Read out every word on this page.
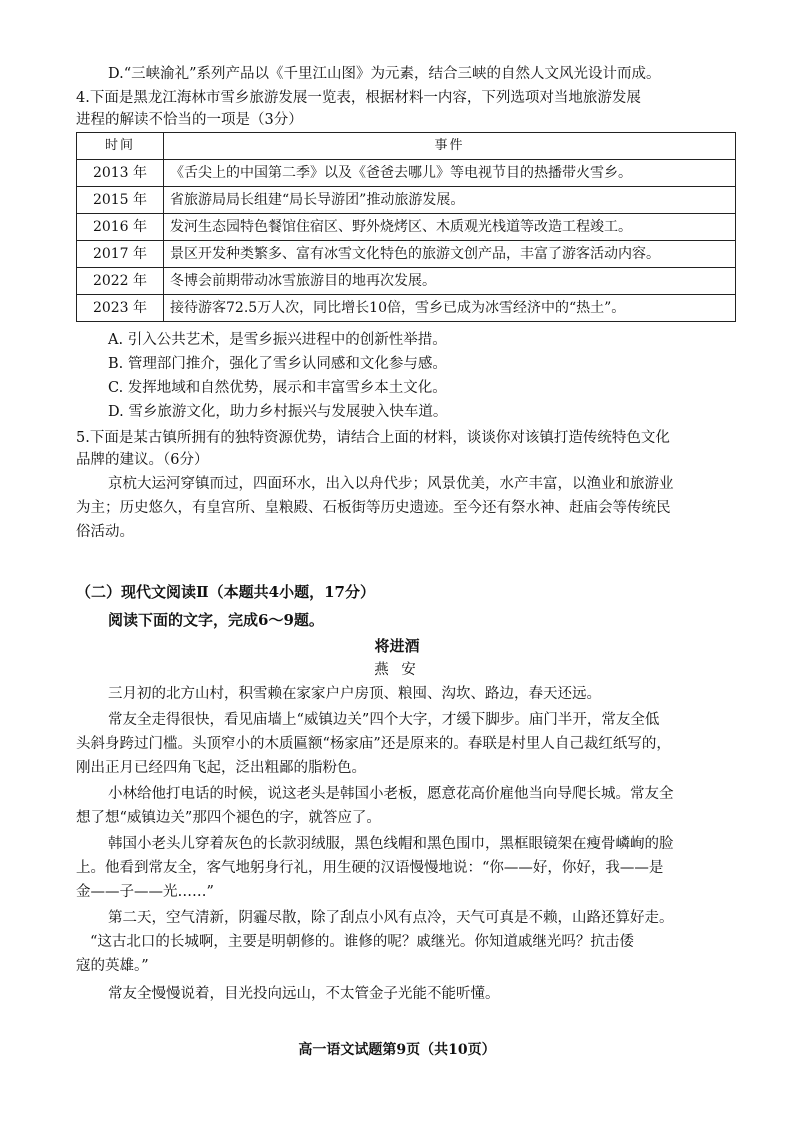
D.“三峡渝礼”系列产品以《千里江山图》为元素，结合三峡的自然人文风光设计而成。
4.下面是黑龙江海林市雪乡旅游发展一览表，根据材料一内容，下列选项对当地旅游发展
进程的解读不恰当的一项是（3分）
时间	事件
2013 年	《舌尖上的中国第二季》以及《爸爸去哪儿》等电视节目的热播带火雪乡。
2015 年	省旅游局局长组建“局长导游团”推动旅游发展。
2016 年	发河生态园特色餐馆住宿区、野外烧烤区、木质观光栈道等改造工程竣工。
2017 年	景区开发种类繁多、富有冰雪文化特色的旅游文创产品，丰富了游客活动内容。
2022 年	冬博会前期带动冰雪旅游目的地再次发展。
2023 年	接待游客72.5万人次，同比增长10倍，雪乡已成为冰雪经济中的“热土”。
A. 引入公共艺术，是雪乡振兴进程中的创新性举措。
B. 管理部门推介，强化了雪乡认同感和文化参与感。
C. 发挥地域和自然优势，展示和丰富雪乡本土文化。
D. 雪乡旅游文化，助力乡村振兴与发展驶入快车道。
5.下面是某古镇所拥有的独特资源优势，请结合上面的材料，谈谈你对该镇打造传统特色文化
品牌的建议。（6分）
京杭大运河穿镇而过，四面环水，出入以舟代步；风景优美，水产丰富，以渔业和旅游业
为主；历史悠久，有皇宫所、皇粮殿、石板街等历史遗迹。至今还有祭水神、赶庙会等传统民
俗活动。
（二）现代文阅读Ⅱ（本题共4小题，17分）
阅读下面的文字，完成6～9题。
将进酒
燕 安
三月初的北方山村，积雪赖在家家户户房顶、粮囤、沟坎、路边，春天还远。
常友全走得很快，看见庙墙上“威镇边关”四个大字，才缓下脚步。庙门半开，常友全低
头斜身跨过门槛。头顶窄小的木质匾额“杨家庙”还是原来的。春联是村里人自己裁红纸写的，
刚出正月已经四角飞起，泛出粗鄙的脂粉色。
小林给他打电话的时候，说这老头是韩国小老板，愿意花高价雇他当向导爬长城。常友全
想了想“威镇边关”那四个褪色的字，就答应了。
韩国小老头儿穿着灰色的长款羽绒服，黑色线帽和黑色围巾，黑框眼镜架在瘦骨嶙峋的脸
上。他看到常友全，客气地躬身行礼，用生硬的汉语慢慢地说：“你——好，你好，我——是
金——子——光……”
第二天，空气清新，阴霾尽散，除了刮点小风有点冷，天气可真是不赖，山路还算好走。
“这古北口的长城啊，主要是明朝修的。谁修的呢？戚继光。你知道戚继光吗？抗击倭
寇的英雄。”
常友全慢慢说着，目光投向远山，不太管金子光能不能听懂。
高一语文试题第9页（共10页）
